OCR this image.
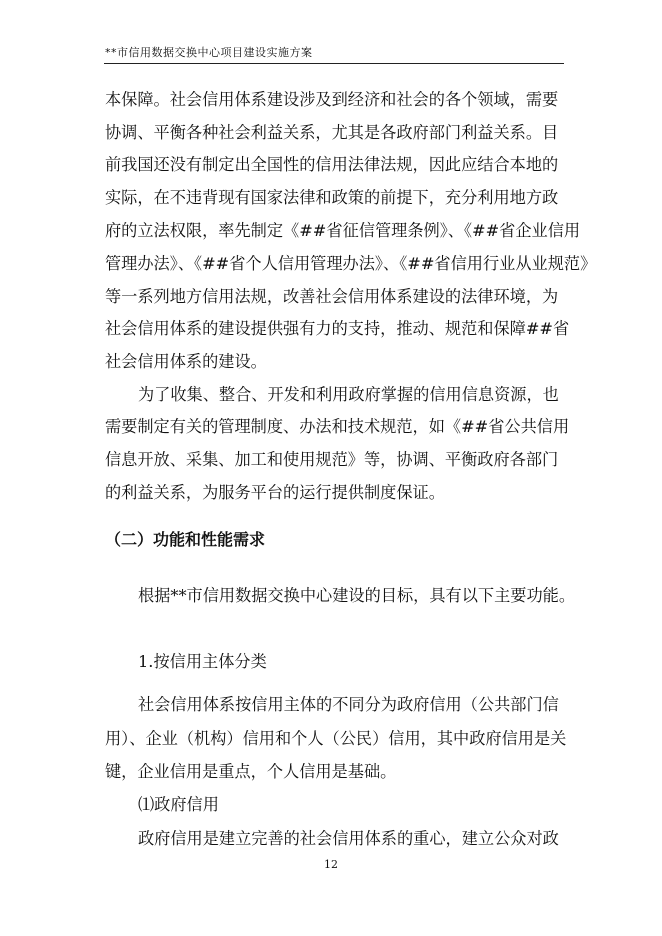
**市信用数据交换中心项目建设实施方案
本保障。社会信用体系建设涉及到经济和社会的各个领域，需要
协调、平衡各种社会利益关系，尤其是各政府部门利益关系。目
前我国还没有制定出全国性的信用法律法规，因此应结合本地的
实际，在不违背现有国家法律和政策的前提下，充分利用地方政
府的立法权限，率先制定《##省征信管理条例》、《##省企业信用
管理办法》、《##省个人信用管理办法》、《##省信用行业从业规范》
等一系列地方信用法规，改善社会信用体系建设的法律环境，为
社会信用体系的建设提供强有力的支持，推动、规范和保障##省
社会信用体系的建设。
为了收集、整合、开发和利用政府掌握的信用信息资源，也
需要制定有关的管理制度、办法和技术规范，如《##省公共信用
信息开放、采集、加工和使用规范》等，协调、平衡政府各部门
的利益关系，为服务平台的运行提供制度保证。
（二）功能和性能需求
根据**市信用数据交换中心建设的目标，具有以下主要功能。
1.按信用主体分类
社会信用体系按信用主体的不同分为政府信用（公共部门信
用）、企业（机构）信用和个人（公民）信用，其中政府信用是关
键，企业信用是重点，个人信用是基础。
⑴政府信用
政府信用是建立完善的社会信用体系的重心，建立公众对政
12
